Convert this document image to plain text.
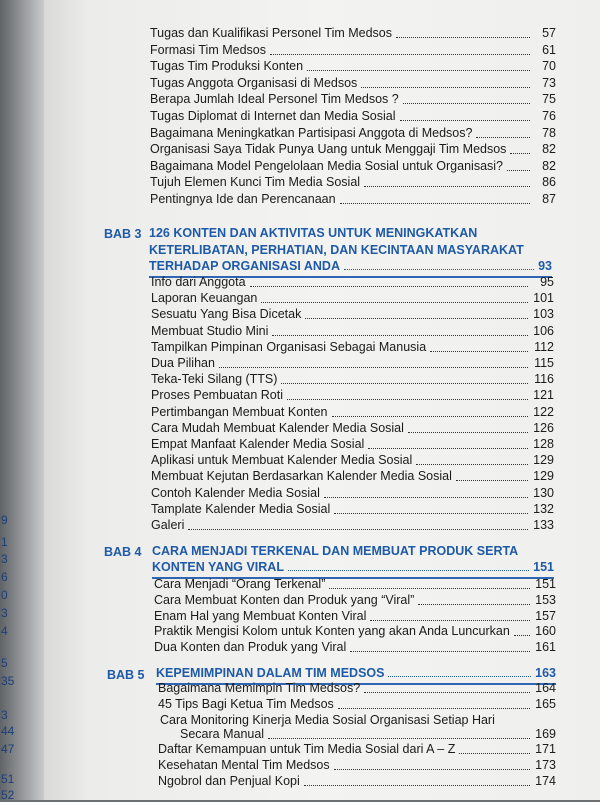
9
1
3
6
0
3
4
5
35
3
44
47
51
52
BAB 3 126 KONTEN DAN AKTIVITAS UNTUK MENINGKATKAN
KETERLIBATAN, PERHATIAN, DAN KECINTAAN MASYARAKAT
TERHADAP ORGANISASI ANDA	93
BAB 4 CARA MENJADI TERKENAL DAN MEMBUAT PRODUK SERTA
KONTEN YANG VIRAL	151
BAB 5 KEPEMIMPINAN DALAM TIM MEDSOS	163
Cara Monitoring Kinerja Media Sosial Organisasi Setiap Hari
Secara Manual	169
Tugas dan Kualifikasi Personel Tim Medsos	57
Formasi Tim Medsos	61
Tugas Tim Produksi Konten	70
Tugas Anggota Organisasi di Medsos	73
Berapa Jumlah Ideal Personel Tim Medsos ?	75
Tugas Diplomat di Internet dan Media Sosial	76
Bagaimana Meningkatkan Partisipasi Anggota di Medsos?	78
Organisasi Saya Tidak Punya Uang untuk Menggaji Tim Medsos	82
Bagaimana Model Pengelolaan Media Sosial untuk Organisasi?	82
Tujuh Elemen Kunci Tim Media Sosial	86
Pentingnya Ide dan Perencanaan	87
Info dari Anggota	95
Laporan Keuangan	101
Sesuatu Yang Bisa Dicetak	103
Membuat Studio Mini	106
Tampilkan Pimpinan Organisasi Sebagai Manusia	112
Dua Pilihan	115
Teka-Teki Silang (TTS)	116
Proses Pembuatan Roti	121
Pertimbangan Membuat Konten	122
Cara Mudah Membuat Kalender Media Sosial	126
Empat Manfaat Kalender Media Sosial	128
Aplikasi untuk Membuat Kalender Media Sosial	129
Membuat Kejutan Berdasarkan Kalender Media Sosial	129
Contoh Kalender Media Sosial	130
Tamplate Kalender Media Sosial	132
Galeri	133
Cara Menjadi “Orang Terkenal”	151
Cara Membuat Konten dan Produk yang “Viral”	153
Enam Hal yang Membuat Konten Viral	157
Praktik Mengisi Kolom untuk Konten yang akan Anda Luncurkan 160
Dua Konten dan Produk yang Viral	161
Bagaimana Memimpin Tim Medsos?	164
45 Tips Bagi Ketua Tim Medsos	165
Daftar Kemampuan untuk Tim Media Sosial dari A – Z	171
Kesehatan Mental Tim Medsos	173
Ngobrol dan Penjual Kopi	174
